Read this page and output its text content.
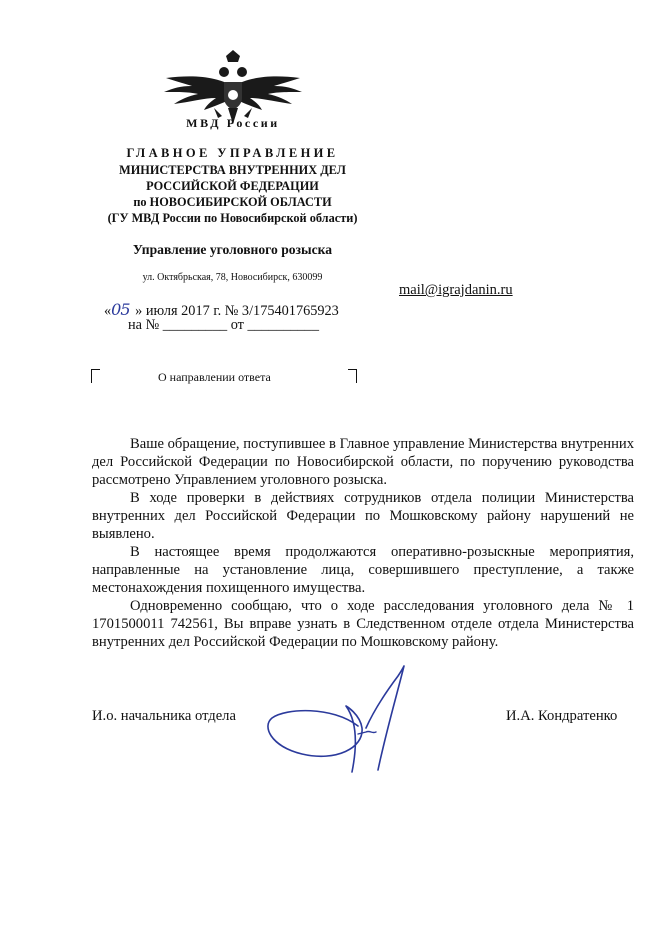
МВД России
ГЛАВНОЕ УПРАВЛЕНИЕ
МИНИСТЕРСТВА ВНУТРЕННИХ ДЕЛ
РОССИЙСКОЙ ФЕДЕРАЦИИ
по НОВОСИБИРСКОЙ ОБЛАСТИ
(ГУ МВД России по Новосибирской области)
Управление уголовного розыска
ул. Октябрьская, 78, Новосибирск, 630099
mail@igrajdanin.ru
«05 » июля 2017 г. № 3/175401765923
на № _________ от __________
О направлении ответа

Ваше обращение, поступившее в Главное управление Министерства внутренних дел Российской Федерации по Новосибирской области, по поручению руководства рассмотрено Управлением уголовного розыска.

В ходе проверки в действиях сотрудников отдела полиции Министерства внутренних дел Российской Федерации по Мошковскому району нарушений не выявлено.

В настоящее время продолжаются оперативно-розыскные мероприятия, направленные на установление лица, совершившего преступление, а также местонахождения похищенного имущества.

Одновременно сообщаю, что о ходе расследования уголовного дела № 1 1701500011 742561, Вы вправе узнать в Следственном отделе отдела Министерства внутренних дел Российской Федерации по Мошковскому району.

И.о. начальника отдела	И.А. Кондратенко
